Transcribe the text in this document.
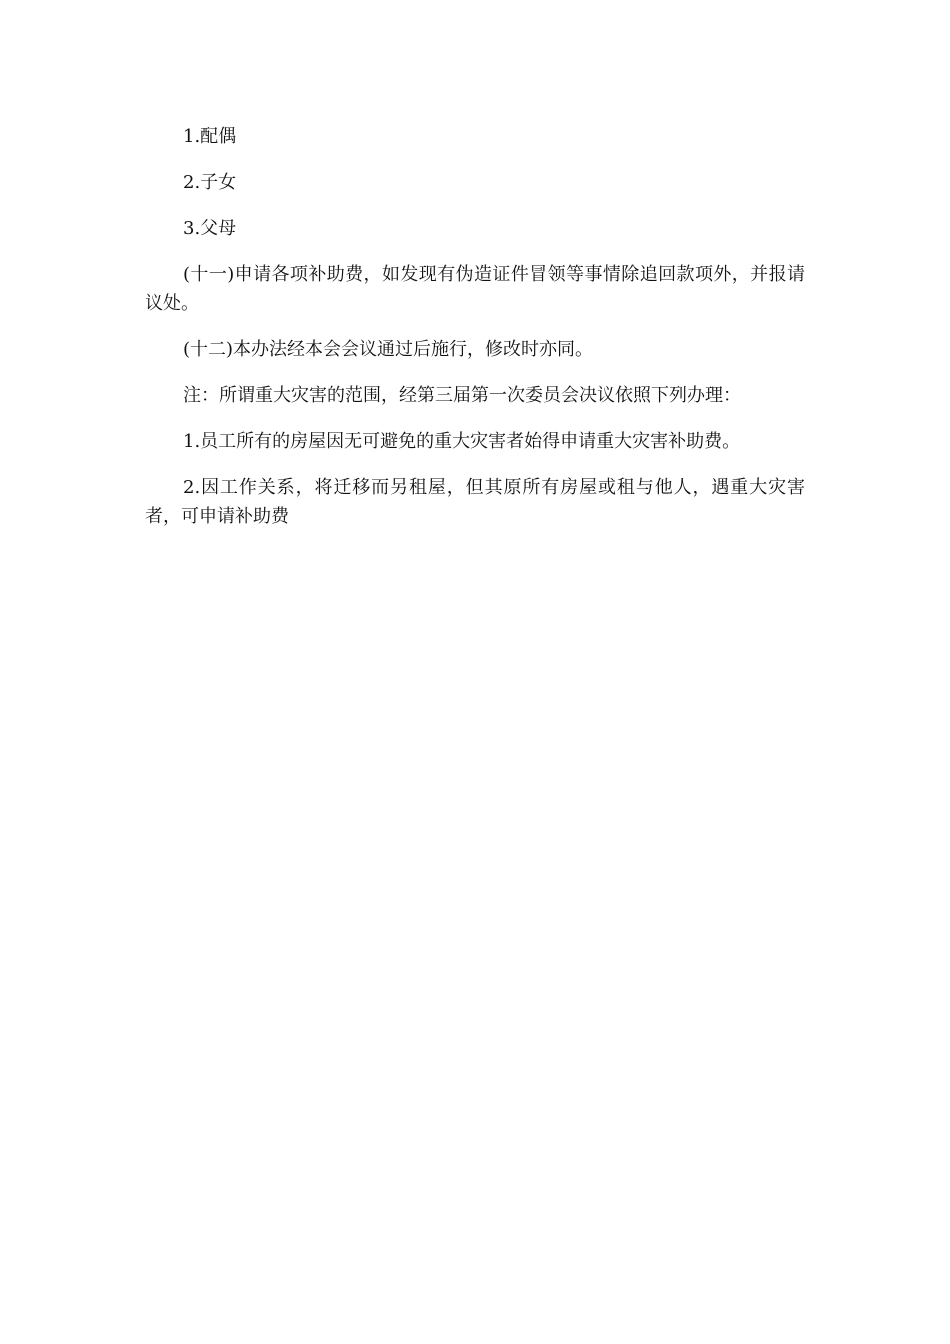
1.配偶

2.子女

3.父母

(十一)申请各项补助费，如发现有伪造证件冒领等事情除追回款项外，并报请议处。

(十二)本办法经本会会议通过后施行，修改时亦同。

注：所谓重大灾害的范围，经第三届第一次委员会决议依照下列办理：

1.员工所有的房屋因无可避免的重大灾害者始得申请重大灾害补助费。

2.因工作关系，将迁移而另租屋，但其原所有房屋或租与他人，遇重大灾害者，可申请补助费
